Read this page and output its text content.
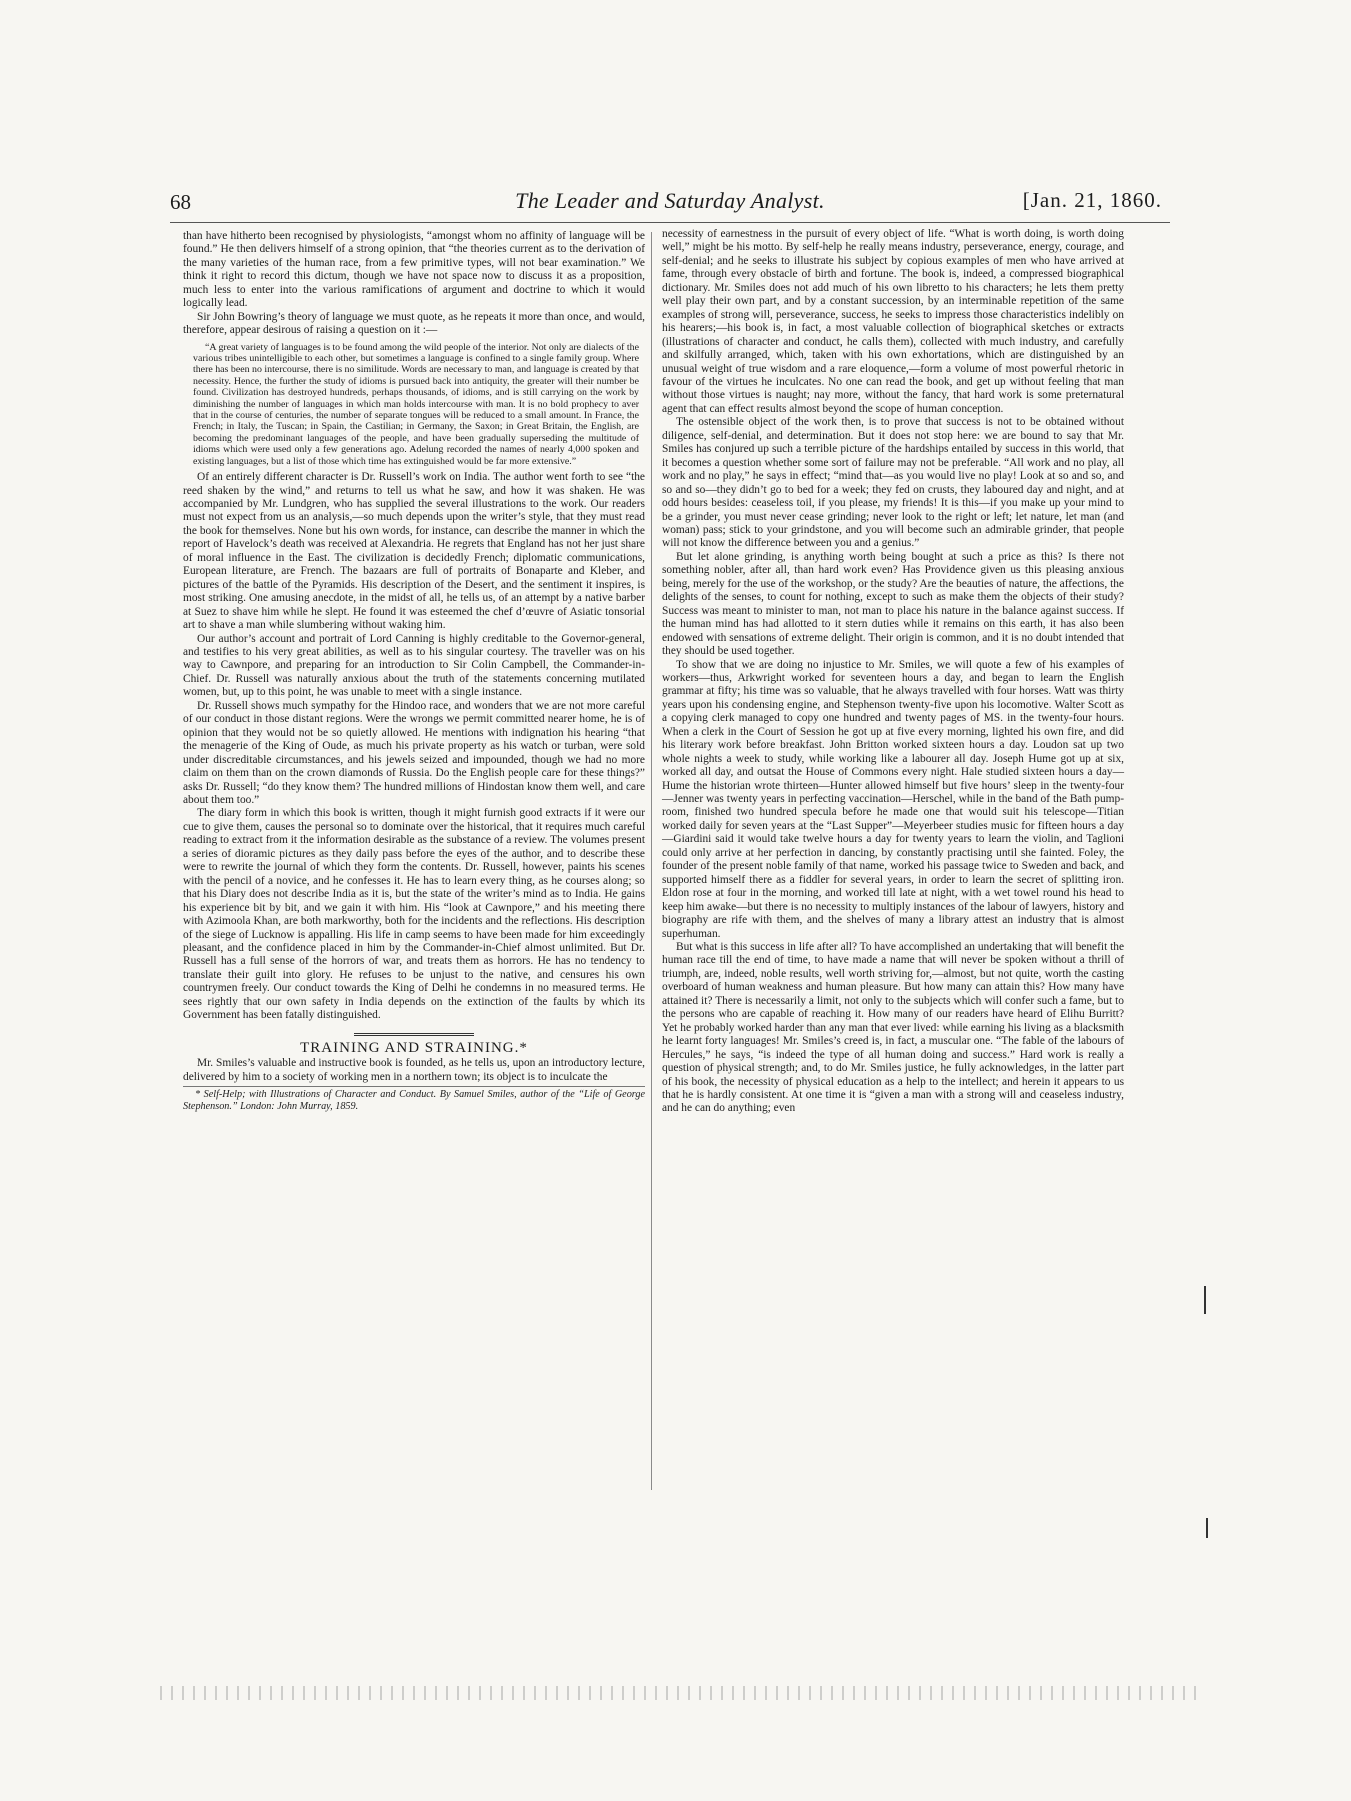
68	The Leader and Saturday Analyst.	[Jan. 21, 1860.

than have hitherto been recognised by physiologists, “amongst whom no affinity of language will be found.” He then delivers himself of a strong opinion, that “the theories current as to the derivation of the many varieties of the human race, from a few primitive types, will not bear examination.” We think it right to record this dictum, though we have not space now to discuss it as a proposition, much less to enter into the various ramifications of argument and doctrine to which it would logically lead.

Sir John Bowring’s theory of language we must quote, as he repeats it more than once, and would, therefore, appear desirous of raising a question on it :—

“A great variety of languages is to be found among the wild people of the interior. Not only are dialects of the various tribes unintelligible to each other, but sometimes a language is confined to a single family group. Where there has been no intercourse, there is no similitude. Words are necessary to man, and language is created by that necessity. Hence, the further the study of idioms is pursued back into antiquity, the greater will their number be found. Civilization has destroyed hundreds, perhaps thousands, of idioms, and is still carrying on the work by diminishing the number of languages in which man holds intercourse with man. It is no bold prophecy to aver that in the course of centuries, the number of separate tongues will be reduced to a small amount. In France, the French; in Italy, the Tuscan; in Spain, the Castilian; in Germany, the Saxon; in Great Britain, the English, are becoming the predominant languages of the people, and have been gradually superseding the multitude of idioms which were used only a few generations ago. Adelung recorded the names of nearly 4,000 spoken and existing languages, but a list of those which time has extinguished would be far more extensive.”

Of an entirely different character is Dr. Russell’s work on India. The author went forth to see “the reed shaken by the wind,” and returns to tell us what he saw, and how it was shaken. He was accompanied by Mr. Lundgren, who has supplied the several illustrations to the work. Our readers must not expect from us an analysis,—so much depends upon the writer’s style, that they must read the book for themselves. None but his own words, for instance, can describe the manner in which the report of Havelock’s death was received at Alexandria. He regrets that England has not her just share of moral influence in the East. The civilization is decidedly French; diplomatic communications, European literature, are French. The bazaars are full of portraits of Bonaparte and Kleber, and pictures of the battle of the Pyramids. His description of the Desert, and the sentiment it inspires, is most striking. One amusing anecdote, in the midst of all, he tells us, of an attempt by a native barber at Suez to shave him while he slept. He found it was esteemed the chef d’œuvre of Asiatic tonsorial art to shave a man while slumbering without waking him.

Our author’s account and portrait of Lord Canning is highly creditable to the Governor-general, and testifies to his very great abilities, as well as to his singular courtesy. The traveller was on his way to Cawnpore, and preparing for an introduction to Sir Colin Campbell, the Commander-in-Chief. Dr. Russell was naturally anxious about the truth of the statements concerning mutilated women, but, up to this point, he was unable to meet with a single instance.

Dr. Russell shows much sympathy for the Hindoo race, and wonders that we are not more careful of our conduct in those distant regions. Were the wrongs we permit committed nearer home, he is of opinion that they would not be so quietly allowed. He mentions with indignation his hearing “that the menagerie of the King of Oude, as much his private property as his watch or turban, were sold under discreditable circumstances, and his jewels seized and impounded, though we had no more claim on them than on the crown diamonds of Russia. Do the English people care for these things?” asks Dr. Russell; “do they know them? The hundred millions of Hindostan know them well, and care about them too.”

The diary form in which this book is written, though it might furnish good extracts if it were our cue to give them, causes the personal so to dominate over the historical, that it requires much careful reading to extract from it the information desirable as the substance of a review. The volumes present a series of dioramic pictures as they daily pass before the eyes of the author, and to describe these were to rewrite the journal of which they form the contents. Dr. Russell, however, paints his scenes with the pencil of a novice, and he confesses it. He has to learn every thing, as he courses along; so that his Diary does not describe India as it is, but the state of the writer’s mind as to India. He gains his experience bit by bit, and we gain it with him. His “look at Cawnpore,” and his meeting there with Azimoola Khan, are both markworthy, both for the incidents and the reflections. His description of the siege of Lucknow is appalling. His life in camp seems to have been made for him exceedingly pleasant, and the confidence placed in him by the Commander-in-Chief almost unlimited. But Dr. Russell has a full sense of the horrors of war, and treats them as horrors. He has no tendency to translate their guilt into glory. He refuses to be unjust to the native, and censures his own countrymen freely. Our conduct towards the King of Delhi he condemns in no measured terms. He sees rightly that our own safety in India depends on the extinction of the faults by which its Government has been fatally distinguished.

TRAINING AND STRAINING.*

Mr. Smiles’s valuable and instructive book is founded, as he tells us, upon an introductory lecture, delivered by him to a society of working men in a northern town; its object is to inculcate the

* Self-Help; with Illustrations of Character and Conduct. By Samuel Smiles, author of the “Life of George Stephenson.” London: John Murray, 1859.

necessity of earnestness in the pursuit of every object of life. “What is worth doing, is worth doing well,” might be his motto. By self-help he really means industry, perseverance, energy, courage, and self-denial; and he seeks to illustrate his subject by copious examples of men who have arrived at fame, through every obstacle of birth and fortune. The book is, indeed, a compressed biographical dictionary. Mr. Smiles does not add much of his own libretto to his characters; he lets them pretty well play their own part, and by a constant succession, by an interminable repetition of the same examples of strong will, perseverance, success, he seeks to impress those characteristics indelibly on his hearers;—his book is, in fact, a most valuable collection of biographical sketches or extracts (illustrations of character and conduct, he calls them), collected with much industry, and carefully and skilfully arranged, which, taken with his own exhortations, which are distinguished by an unusual weight of true wisdom and a rare eloquence,—form a volume of most powerful rhetoric in favour of the virtues he inculcates. No one can read the book, and get up without feeling that man without those virtues is naught; nay more, without the fancy, that hard work is some preternatural agent that can effect results almost beyond the scope of human conception.

The ostensible object of the work then, is to prove that success is not to be obtained without diligence, self-denial, and determination. But it does not stop here: we are bound to say that Mr. Smiles has conjured up such a terrible picture of the hardships entailed by success in this world, that it becomes a question whether some sort of failure may not be preferable. “All work and no play, all work and no play,” he says in effect; “mind that—as you would live no play! Look at so and so, and so and so—they didn’t go to bed for a week; they fed on crusts, they laboured day and night, and at odd hours besides: ceaseless toil, if you please, my friends! It is this—if you make up your mind to be a grinder, you must never cease grinding; never look to the right or left; let nature, let man (and woman) pass; stick to your grindstone, and you will become such an admirable grinder, that people will not know the difference between you and a genius.”

But let alone grinding, is anything worth being bought at such a price as this? Is there not something nobler, after all, than hard work even? Has Providence given us this pleasing anxious being, merely for the use of the workshop, or the study? Are the beauties of nature, the affections, the delights of the senses, to count for nothing, except to such as make them the objects of their study? Success was meant to minister to man, not man to place his nature in the balance against success. If the human mind has had allotted to it stern duties while it remains on this earth, it has also been endowed with sensations of extreme delight. Their origin is common, and it is no doubt intended that they should be used together.

To show that we are doing no injustice to Mr. Smiles, we will quote a few of his examples of workers—thus, Arkwright worked for seventeen hours a day, and began to learn the English grammar at fifty; his time was so valuable, that he always travelled with four horses. Watt was thirty years upon his condensing engine, and Stephenson twenty-five upon his locomotive. Walter Scott as a copying clerk managed to copy one hundred and twenty pages of MS. in the twenty-four hours. When a clerk in the Court of Session he got up at five every morning, lighted his own fire, and did his literary work before breakfast. John Britton worked sixteen hours a day. Loudon sat up two whole nights a week to study, while working like a labourer all day. Joseph Hume got up at six, worked all day, and outsat the House of Commons every night. Hale studied sixteen hours a day—Hume the historian wrote thirteen—Hunter allowed himself but five hours’ sleep in the twenty-four—Jenner was twenty years in perfecting vaccination—Herschel, while in the band of the Bath pump-room, finished two hundred specula before he made one that would suit his telescope—Titian worked daily for seven years at the “Last Supper”—Meyerbeer studies music for fifteen hours a day—Giardini said it would take twelve hours a day for twenty years to learn the violin, and Taglioni could only arrive at her perfection in dancing, by constantly practising until she fainted. Foley, the founder of the present noble family of that name, worked his passage twice to Sweden and back, and supported himself there as a fiddler for several years, in order to learn the secret of splitting iron. Eldon rose at four in the morning, and worked till late at night, with a wet towel round his head to keep him awake—but there is no necessity to multiply instances of the labour of lawyers, history and biography are rife with them, and the shelves of many a library attest an industry that is almost superhuman.

But what is this success in life after all? To have accomplished an undertaking that will benefit the human race till the end of time, to have made a name that will never be spoken without a thrill of triumph, are, indeed, noble results, well worth striving for,—almost, but not quite, worth the casting overboard of human weakness and human pleasure. But how many can attain this? How many have attained it? There is necessarily a limit, not only to the subjects which will confer such a fame, but to the persons who are capable of reaching it. How many of our readers have heard of Elihu Burritt? Yet he probably worked harder than any man that ever lived: while earning his living as a blacksmith he learnt forty languages! Mr. Smiles’s creed is, in fact, a muscular one. “The fable of the labours of Hercules,” he says, “is indeed the type of all human doing and success.” Hard work is really a question of physical strength; and, to do Mr. Smiles justice, he fully acknowledges, in the latter part of his book, the necessity of physical education as a help to the intellect; and herein it appears to us that he is hardly consistent. At one time it is “given a man with a strong will and ceaseless industry, and he can do anything; even
